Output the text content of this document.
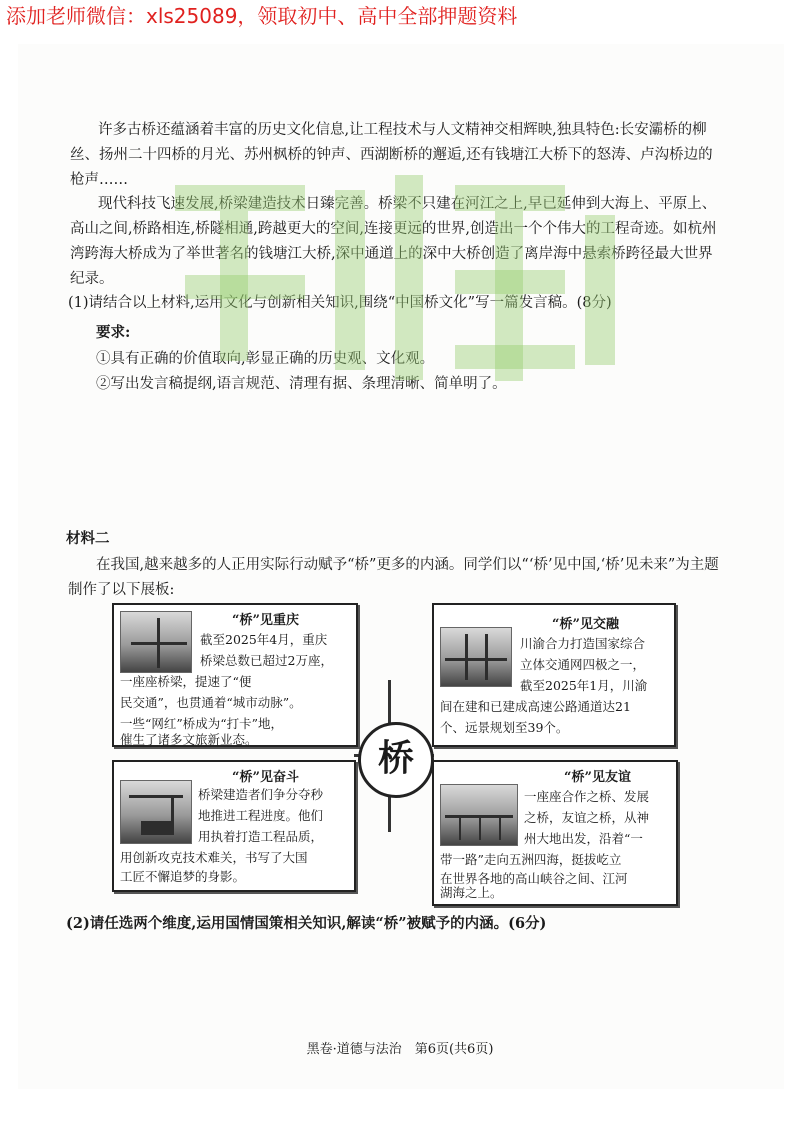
添加老师微信：xls25089，领取初中、高中全部押题资料

许多古桥还蕴涵着丰富的历史文化信息,让工程技术与人文精神交相辉映,独具特色:长安灞桥的柳丝、扬州二十四桥的月光、苏州枫桥的钟声、西湖断桥的邂逅,还有钱塘江大桥下的怒涛、卢沟桥边的枪声……

现代科技飞速发展,桥梁建造技术日臻完善。桥梁不只建在河江之上,早已延伸到大海上、平原上、高山之间,桥路相连,桥隧相通,跨越更大的空间,连接更远的世界,创造出一个个伟大的工程奇迹。如杭州湾跨海大桥成为了举世著名的钱塘江大桥,深中通道上的深中大桥创造了离岸海中悬索桥跨径最大世界纪录。

(1)请结合以上材料,运用文化与创新相关知识,围绕“中国桥文化”写一篇发言稿。(8分)

要求:

①具有正确的价值取向,彰显正确的历史观、文化观。

②写出发言稿提纲,语言规范、清理有据、条理清晰、简单明了。

材料二

在我国,越来越多的人正用实际行动赋予“桥”更多的内涵。同学们以“‘桥’见中国,‘桥’见未来”为主题制作了以下展板:

“桥”见重庆

截至2025年4月，重庆

桥梁总数已超过2万座，

一座座桥梁，提速了“便

民交通”，也贯通着“城市动脉”。

一些“网红”桥成为“打卡”地，

催生了诸多文旅新业态。

“桥”见交融

川渝合力打造国家综合

立体交通网四极之一，

截至2025年1月，川渝

间在建和已建成高速公路通道达21

个、远景规划至39个。

“桥”见奋斗

桥梁建造者们争分夺秒

地推进工程进度。他们

用执着打造工程品质，

用创新攻克技术难关，书写了大国

工匠不懈追梦的身影。

“桥”见友谊

一座座合作之桥、发展

之桥，友谊之桥，从神

州大地出发，沿着“一

带一路”走向五洲四海，挺拔屹立

在世界各地的高山峡谷之间、江河

湖海之上。

桥

(2)请任选两个维度,运用国情国策相关知识,解读“桥”被赋予的内涵。(6分)

黑卷·道德与法治　第6页(共6页)
